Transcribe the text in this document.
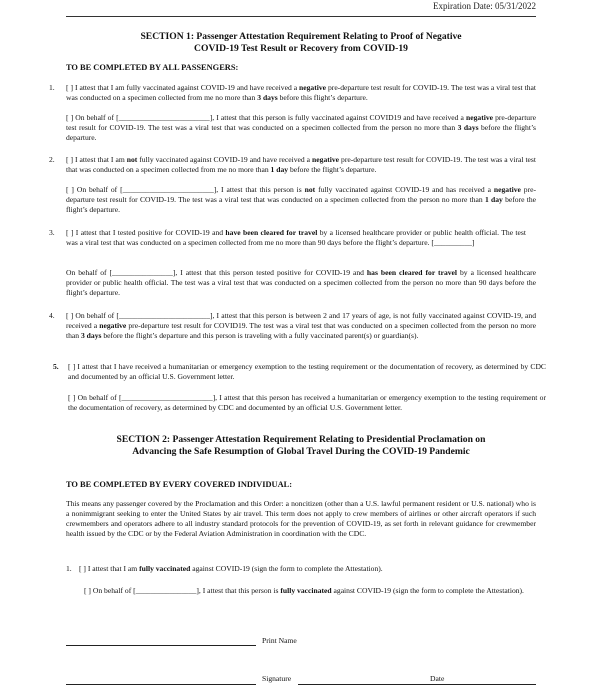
Expiration Date: 05/31/2022
SECTION 1: Passenger Attestation Requirement Relating to Proof of Negative
COVID-19 Test Result or Recovery from COVID-19
TO BE COMPLETED BY ALL PASSENGERS:
1. [ ] I attest that I am fully vaccinated against COVID-19 and have received a negative pre-departure test result for COVID-19. The test was a viral test that was conducted on a specimen collected from me no more than 3 days before this flight’s departure.
[ ] On behalf of [________________________], I attest that this person is fully vaccinated against COVID19 and have received a negative pre-departure test result for COVID-19. The test was a viral test that was conducted on a specimen collected from the person no more than 3 days before the flight’s departure.
2. [ ] I attest that I am not fully vaccinated against COVID-19 and have received a negative pre-departure test result for COVID-19. The test was a viral test that was conducted on a specimen collected from me no more than 1 day before the flight’s departure.
[ ] On behalf of [________________________], I attest that this person is not fully vaccinated against COVID-19 and has received a negative pre-departure test result for COVID-19. The test was a viral test that was conducted on a specimen collected from the person no more than 1 day before the flight’s departure.
3. [ ] I attest that I tested positive for COVID-19 and have been cleared for travel by a licensed healthcare provider or public health official. The test was a viral test that was conducted on a specimen collected from me no more than 90 days before the flight’s departure. [__________]
On behalf of [________________], I attest that this person tested positive for COVID-19 and has been cleared for travel by a licensed healthcare provider or public health official. The test was a viral test that was conducted on a specimen collected from the person no more than 90 days before the flight’s departure.
4. [ ] On behalf of [________________________], I attest that this person is between 2 and 17 years of age, is not fully vaccinated against COVID-19, and received a negative pre-departure test result for COVID19. The test was a viral test that was conducted on a specimen collected from the person no more than 3 days before the flight’s departure and this person is traveling with a fully vaccinated parent(s) or guardian(s).
5. [ ] I attest that I have received a humanitarian or emergency exemption to the testing requirement or the documentation of recovery, as determined by CDC and documented by an official U.S. Government letter.
[ ] On behalf of [________________________], I attest that this person has received a humanitarian or emergency exemption to the testing requirement or the documentation of recovery, as determined by CDC and documented by an official U.S. Government letter.
SECTION 2: Passenger Attestation Requirement Relating to Presidential Proclamation on
Advancing the Safe Resumption of Global Travel During the COVID-19 Pandemic
TO BE COMPLETED BY EVERY COVERED INDIVIDUAL:
This means any passenger covered by the Proclamation and this Order: a noncitizen (other than a U.S. lawful permanent resident or U.S. national) who is a nonimmigrant seeking to enter the United States by air travel. This term does not apply to crew members of airlines or other aircraft operators if such crewmembers and operators adhere to all industry standard protocols for the prevention of COVID-19, as set forth in relevant guidance for crewmember health issued by the CDC or by the Federal Aviation Administration in coordination with the CDC.
1. [ ] I attest that I am fully vaccinated against COVID-19 (sign the form to complete the Attestation).
[ ] On behalf of [________________], I attest that this person is fully vaccinated against COVID-19 (sign the form to complete the Attestation).
Print Name
Signature	Date
